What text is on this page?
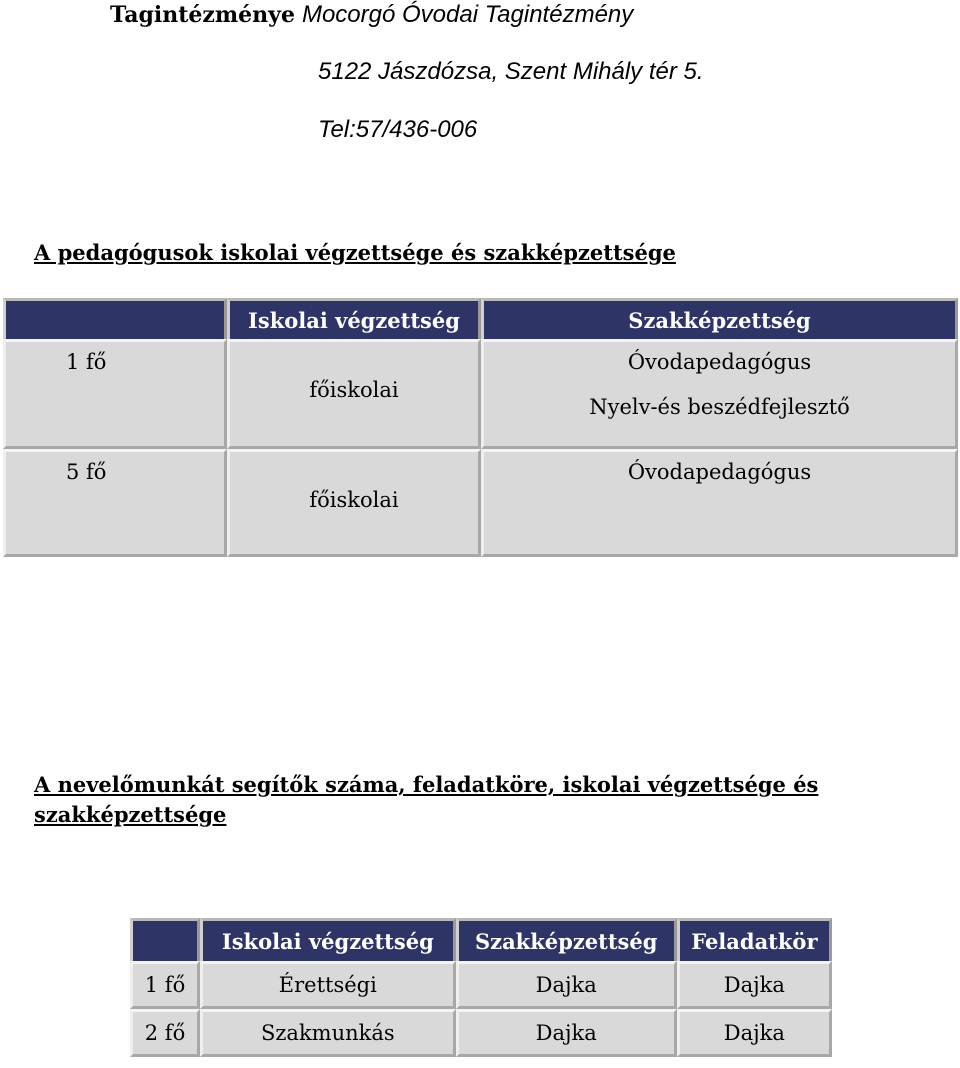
Tagintézménye Mocorgó Óvodai Tagintézmény
5122 Jászdózsa, Szent Mihály tér 5.
Tel:57/436-006
A pedagógusok iskolai végzettsége és szakképzettsége
	Iskolai végzettség	Szakképzettség
1 fő	főiskolai	Óvodapedagógus
Nyelv-és beszédfejlesztő

5 fő	főiskolai	Óvodapedagógus
A nevelőmunkát segítők száma, feladatköre, iskolai végzettsége és szakképzettsége
	Iskolai végzettség	Szakképzettség	Feladatkör
1 fő	Érettségi	Dajka	Dajka
2 fő	Szakmunkás	Dajka	Dajka
